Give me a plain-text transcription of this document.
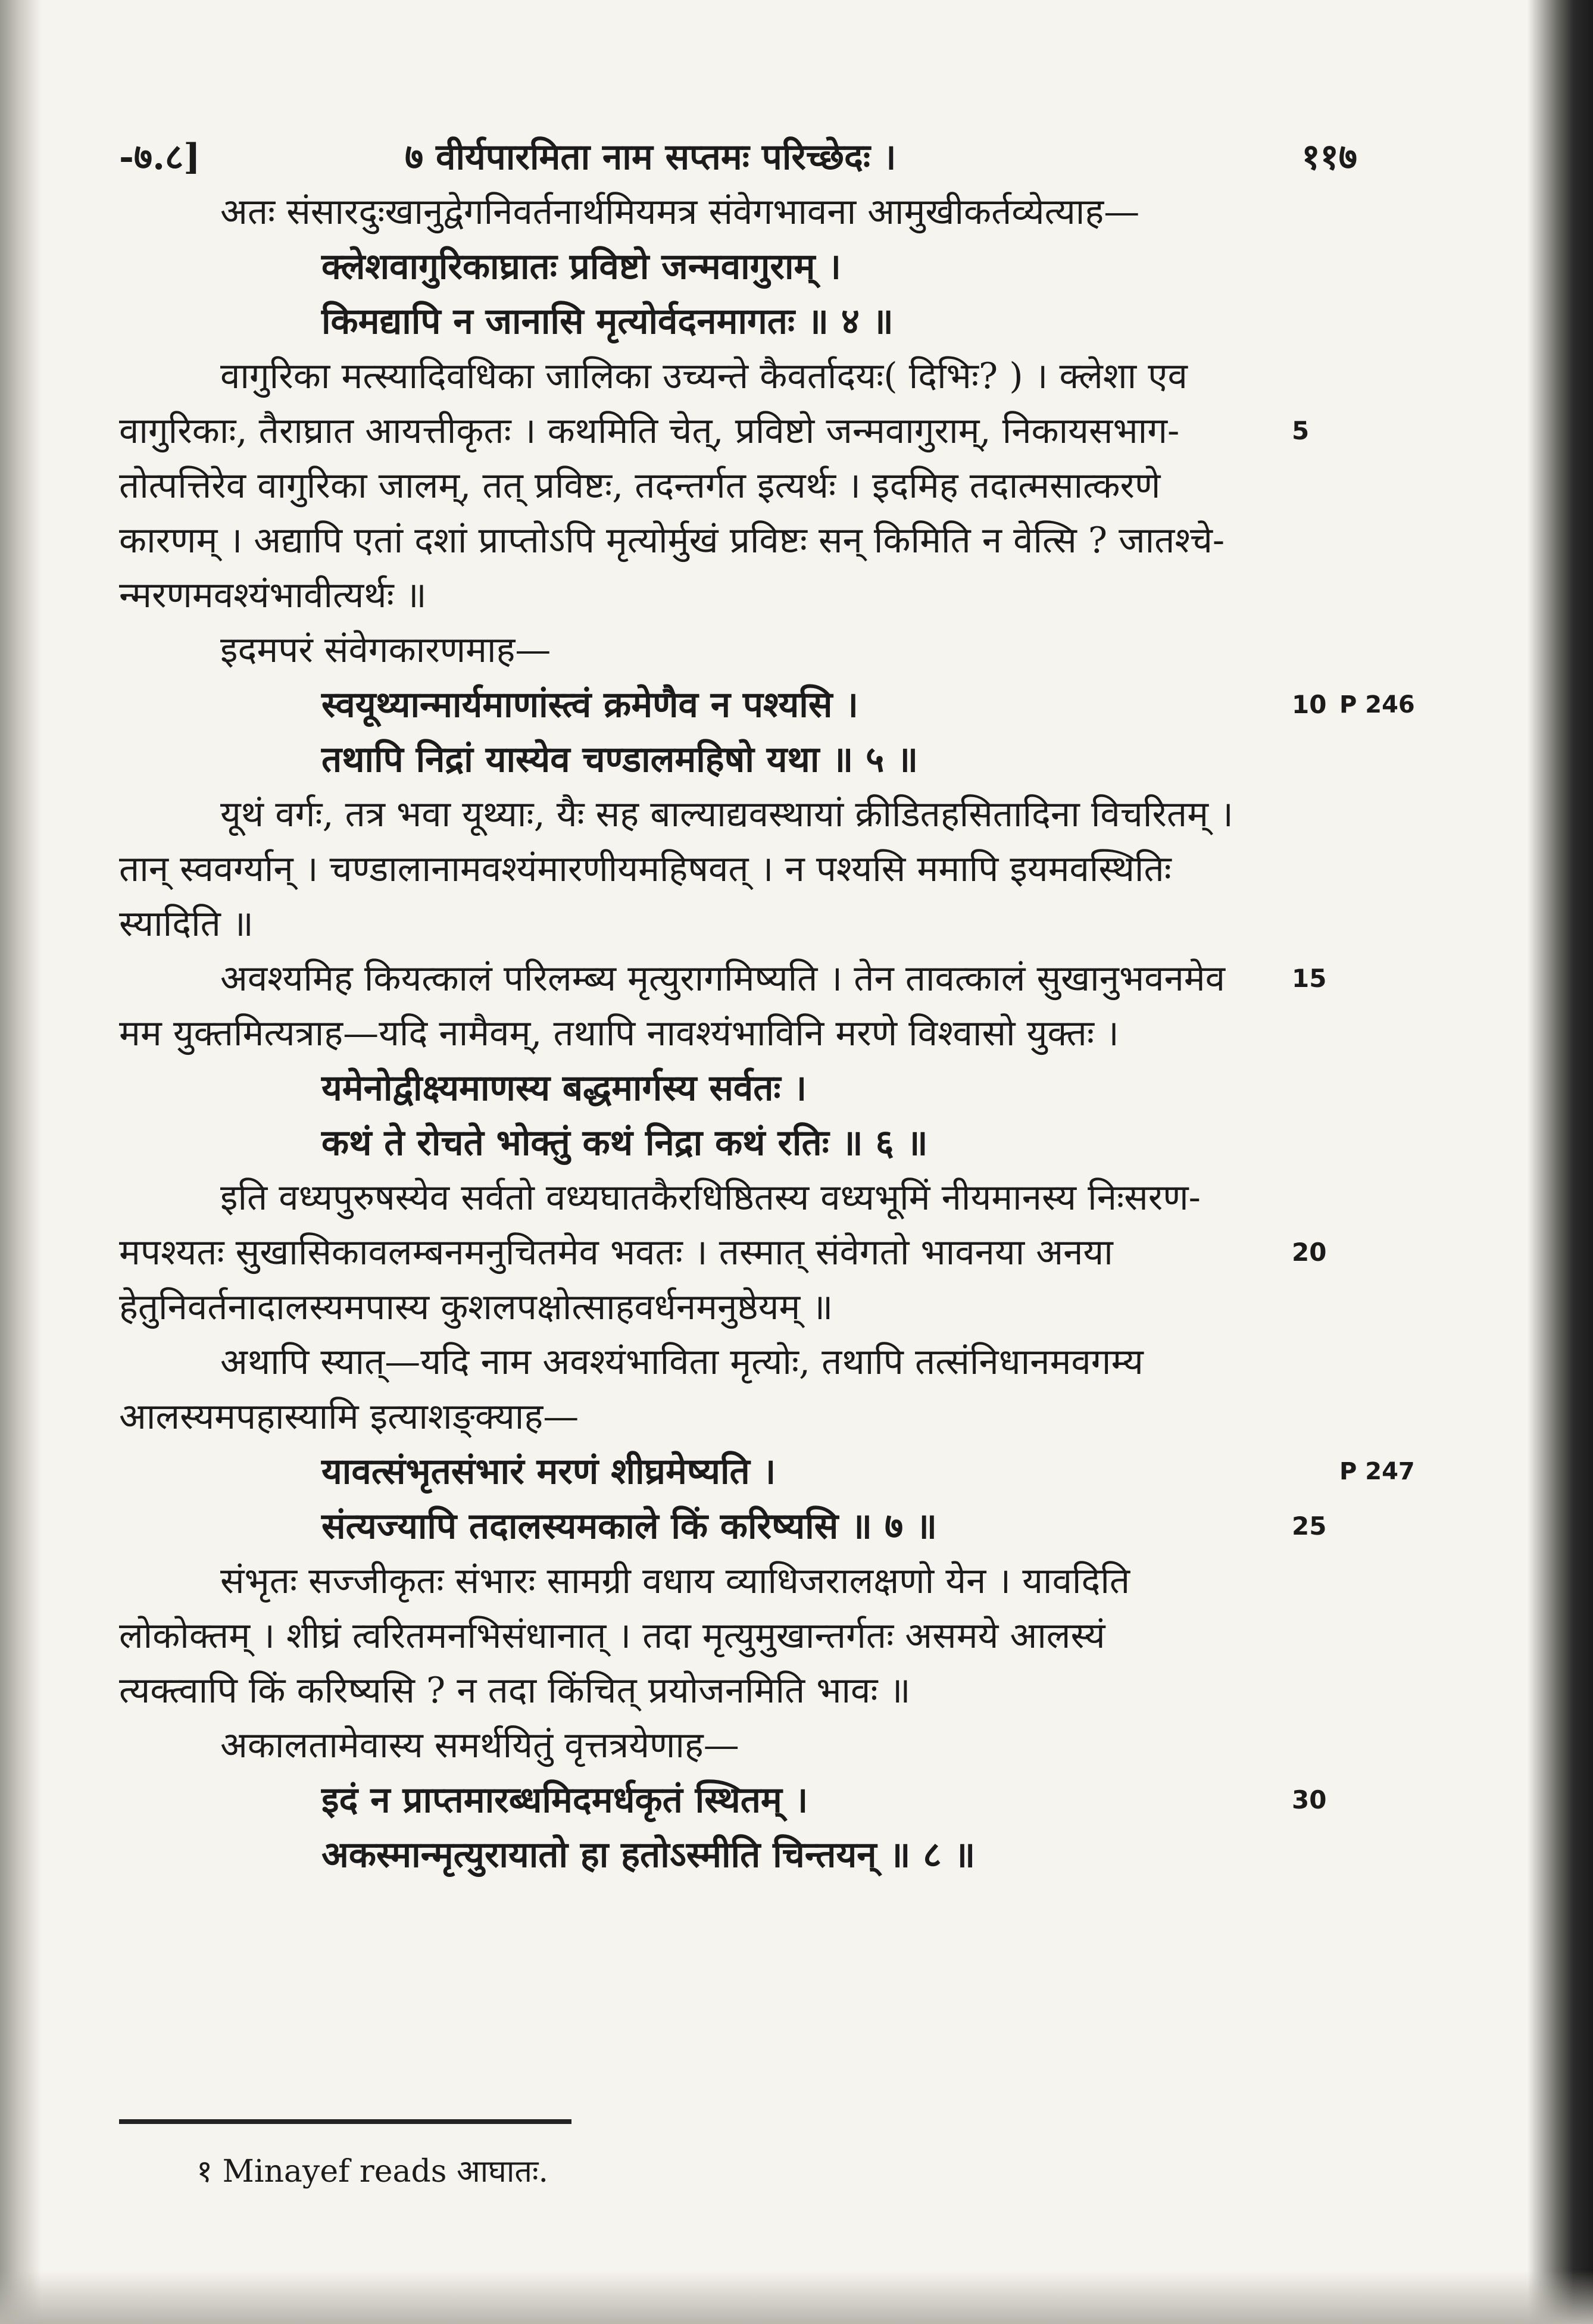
-७.८]	७ वीर्यपारमिता नाम सप्तमः परिच्छेदः ।	११७
अतः संसारदुःखानुद्वेगनिवर्तनार्थमियमत्र संवेगभावना आमुखीकर्तव्येत्याह—
क्लेशवागुरिकाघ्रातः प्रविष्टो जन्मवागुराम् ।
किमद्यापि न जानासि मृत्योर्वदनमागतः ॥ ४ ॥
वागुरिका मत्स्यादिवधिका जालिका उच्यन्ते कैवर्तादयः( दिभिः? ) । क्लेशा एव
वागुरिकाः, तैराघ्रात आयत्तीकृतः । कथमिति चेत्, प्रविष्टो जन्मवागुराम्, निकायसभाग-	5
तोत्पत्तिरेव वागुरिका जालम्, तत् प्रविष्टः, तदन्तर्गत इत्यर्थः । इदमिह तदात्मसात्करणे
कारणम् । अद्यापि एतां दशां प्राप्तोऽपि मृत्योर्मुखं प्रविष्टः सन् किमिति न वेत्सि ? जातश्चे-
न्मरणमवश्यंभावीत्यर्थः ॥
इदमपरं संवेगकारणमाह—
स्वयूथ्यान्मार्यमाणांस्त्वं क्रमेणैव न पश्यसि ।	10 P 246
तथापि निद्रां यास्येव चण्डालमहिषो यथा ॥ ५ ॥
यूथं वर्गः, तत्र भवा यूथ्याः, यैः सह बाल्याद्यवस्थायां क्रीडितहसितादिना विचरितम् ।
तान् स्ववर्ग्यान् । चण्डालानामवश्यंमारणीयमहिषवत् । न पश्यसि ममापि इयमवस्थितिः
स्यादिति ॥
अवश्यमिह कियत्कालं परिलम्ब्य मृत्युरागमिष्यति । तेन तावत्कालं सुखानुभवनमेव	15
मम युक्तमित्यत्राह—यदि नामैवम्, तथापि नावश्यंभाविनि मरणे विश्वासो युक्तः ।
यमेनोद्वीक्ष्यमाणस्य बद्धमार्गस्य सर्वतः ।
कथं ते रोचते भोक्तुं कथं निद्रा कथं रतिः ॥ ६ ॥
इति वध्यपुरुषस्येव सर्वतो वध्यघातकैरधिष्ठितस्य वध्यभूमिं नीयमानस्य निःसरण-
मपश्यतः सुखासिकावलम्बनमनुचितमेव भवतः । तस्मात् संवेगतो भावनया अनया	20
हेतुनिवर्तनादालस्यमपास्य कुशलपक्षोत्साहवर्धनमनुष्ठेयम् ॥
अथापि स्यात्—यदि नाम अवश्यंभाविता मृत्योः, तथापि तत्संनिधानमवगम्य
आलस्यमपहास्यामि इत्याशङ्क्याह—
यावत्संभृतसंभारं मरणं शीघ्रमेष्यति ।	P 247
संत्यज्यापि तदालस्यमकाले किं करिष्यसि ॥ ७ ॥	25
संभृतः सज्जीकृतः संभारः सामग्री वधाय व्याधिजरालक्षणो येन । यावदिति
लोकोक्तम् । शीघ्रं त्वरितमनभिसंधानात् । तदा मृत्युमुखान्तर्गतः असमये आलस्यं
त्यक्त्वापि किं करिष्यसि ? न तदा किंचित् प्रयोजनमिति भावः ॥
अकालतामेवास्य समर्थयितुं वृत्तत्रयेणाह—
इदं न प्राप्तमारब्धमिदमर्धकृतं स्थितम् ।	30
अकस्मान्मृत्युरायातो हा हतोऽस्मीति चिन्तयन् ॥ ८ ॥
१ Minayef reads आघातः.
